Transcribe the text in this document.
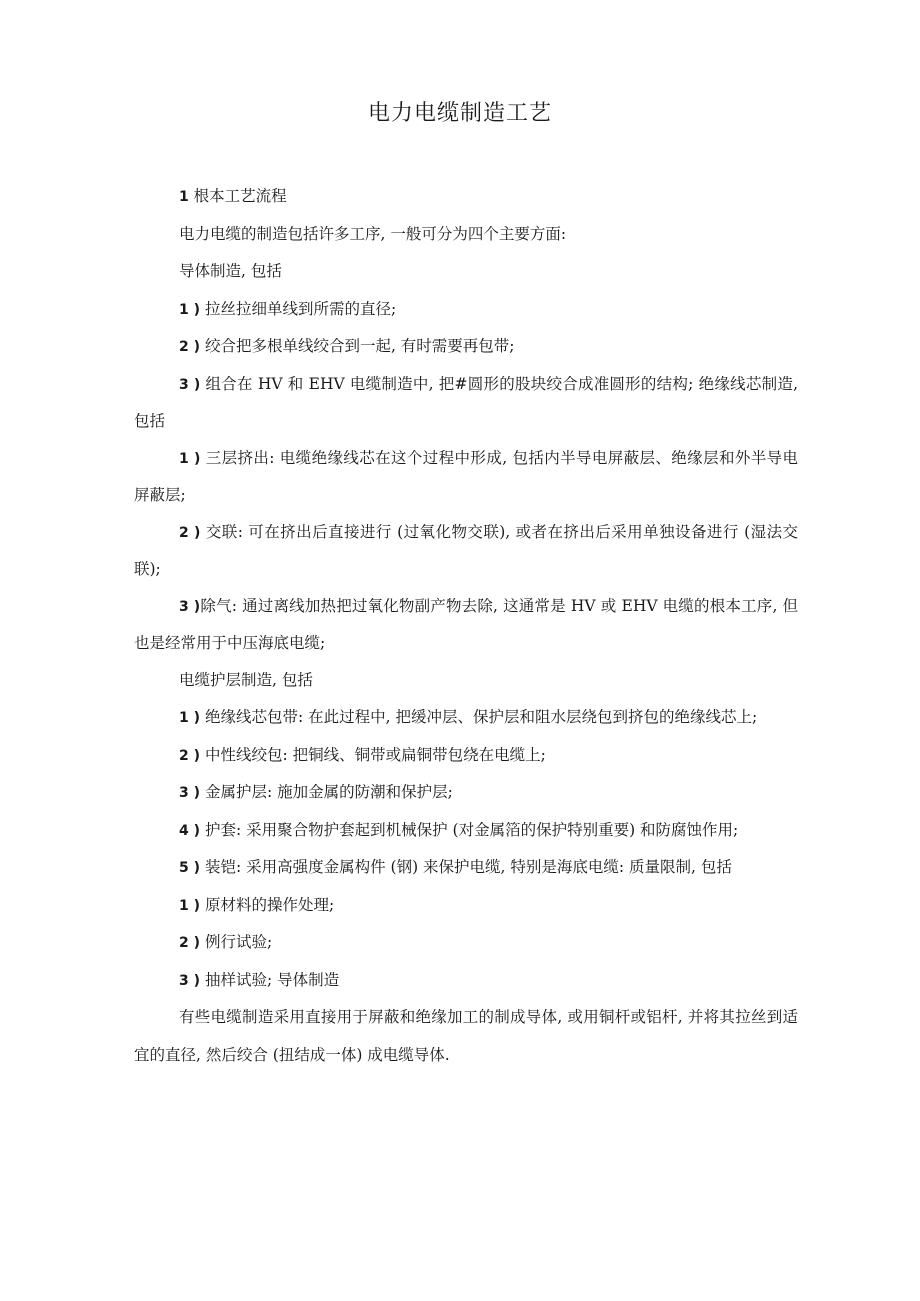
电力电缆制造工艺

1 根本工艺流程

电力电缆的制造包括许多工序, 一般可分为四个主要方面:

导体制造, 包括

1 ) 拉丝拉细单线到所需的直径;

2 ) 绞合把多根单线绞合到一起, 有时需要再包带;

3 ) 组合在 HV 和 EHV 电缆制造中, 把#圆形的股块绞合成准圆形的结构; 绝缘线芯制造, 包括

1 ) 三层挤出: 电缆绝缘线芯在这个过程中形成, 包括内半导电屏蔽层、绝缘层和外半导电屏蔽层;

2 ) 交联: 可在挤出后直接进行 (过氧化物交联), 或者在挤出后采用单独设备进行 (湿法交联);

3 )除气: 通过离线加热把过氧化物副产物去除, 这通常是 HV 或 EHV 电缆的根本工序, 但也是经常用于中压海底电缆;

电缆护层制造, 包括

1 ) 绝缘线芯包带: 在此过程中, 把缓冲层、保护层和阻水层绕包到挤包的绝缘线芯上;

2 ) 中性线绞包: 把铜线、铜带或扁铜带包绕在电缆上;

3 ) 金属护层: 施加金属的防潮和保护层;

4 ) 护套: 采用聚合物护套起到机械保护 (对金属箔的保护特别重要) 和防腐蚀作用;

5 ) 装铠: 采用高强度金属构件 (钢) 来保护电缆, 特别是海底电缆: 质量限制, 包括

1 ) 原材料的操作处理;

2 ) 例行试验;

3 ) 抽样试验; 导体制造

有些电缆制造采用直接用于屏蔽和绝缘加工的制成导体, 或用铜杆或铝杆, 并将其拉丝到适宜的直径, 然后绞合 (扭结成一体) 成电缆导体.
